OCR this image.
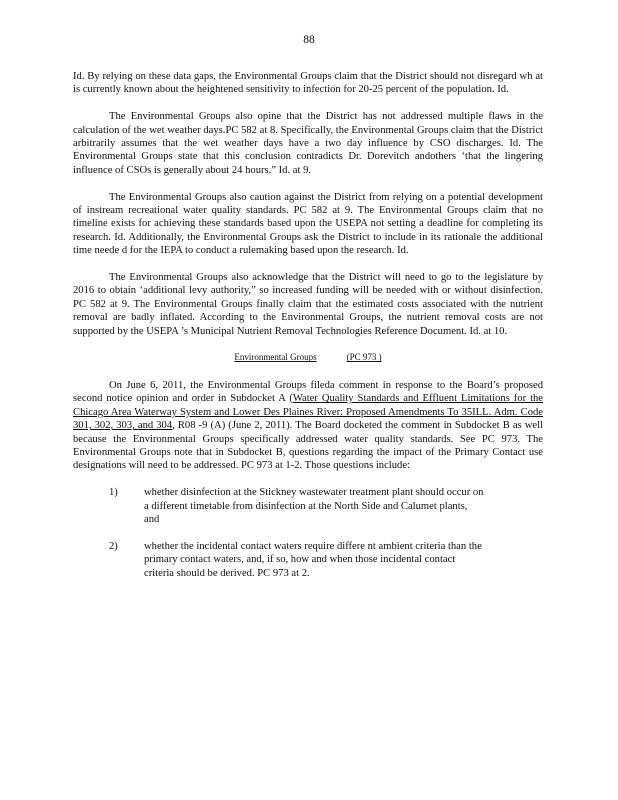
88

Id. By relying on these data gaps, the Environmental Groups claim that the District should not disregard wh at is currently known about the heightened sensitivity to infection for 20-25 percent of the population. Id.

The Environmental Groups also opine that the District has not addressed multiple flaws in the calculation of the wet weather days.PC 582 at 8. Specifically, the Environmental Groups claim that the District arbitrarily assumes that the wet weather days have a two day influence by CSO discharges. Id. The Environmental Groups state that this conclusion contradicts Dr. Dorevitch andothers ‘that the lingering influence of CSOs is generally about 24 hours.” Id. at 9.

The Environmental Groups also caution against the District from relying on a potential development of instream recreational water quality standards. PC 582 at 9. The Environmental Groups claim that no timeline exists for achieving these standards based upon the USEPA not setting a deadline for completing its research. Id. Additionally, the Environmental Groups ask the District to include in its rationale the additional time neede d for the IEPA to conduct a rulemaking based upon the research. Id.

The Environmental Groups also acknowledge that the District will need to go to the legislature by 2016 to obtain ‘additional levy authority,” so increased funding will be needed with or without disinfection. PC 582 at 9. The Environmental Groups finally claim that the estimated costs associated with the nutrient removal are badly inflated. According to the Environmental Groups, the nutrient removal costs are not supported by the USEPA ’s Municipal Nutrient Removal Technologies Reference Document. Id. at 10.

Environmental Groups	(PC 973 )

On June 6, 2011, the Environmental Groups fileda comment in response to the Board’s proposed second notice opinion and order in Subdocket A (Water Quality Standards and Effluent Limitations for the Chicago Area Waterway System and Lower Des Plaines River: Proposed Amendments To 35ILL. Adm. Code 301, 302, 303, and 304, R08 -9 (A) (June 2, 2011). The Board docketed the comment in Subdocket B as well because the Environmental Groups specifically addressed water quality standards. See PC 973. The Environmental Groups note that in Subdocket B, questions regarding the impact of the Primary Contact use designations will need to be addressed. PC 973 at 1-2. Those questions include:

1)	whether disinfection at the Stickney wastewater treatment plant should occur on a different timetable from disinfection at the North Side and Calumet plants, and
2)	whether the incidental contact waters require differe nt ambient criteria than the primary contact waters, and, if so, how and when those incidental contact criteria should be derived. PC 973 at 2.
